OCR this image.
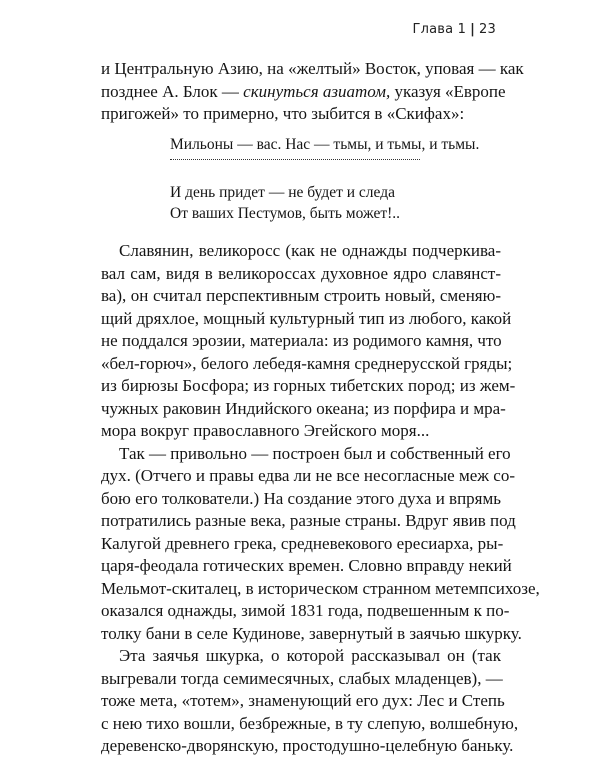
Глава 1 | 23
и Центральную Азию, на «желтый» Восток, уповая — как
позднее А. Блок — скинуться азиатом, указуя «Европе
пригожей» то примерно, что зыбится в «Скифах»:
Мильоны — вас. Нас — тьмы, и тьмы, и тьмы.
И день придет — не будет и следа
От ваших Пестумов, быть может!..
Славянин, великоросс (как не однажды подчеркива-
вал сам, видя в великороссах духовное ядро славянст-
ва), он считал перспективным строить новый, сменяю-
щий дряхлое, мощный культурный тип из любого, какой
не поддался эрозии, материала: из родимого камня, что
«бел-горюч», белого лебедя-камня среднерусской гряды;
из бирюзы Босфора; из горных тибетских пород; из жем-
чужных раковин Индийского океана; из порфира и мра-
мора вокруг православного Эгейского моря...
Так — привольно — построен был и собственный его
дух. (Отчего и правы едва ли не все несогласные меж со-
бою его толкователи.) На создание этого духа и впрямь
потратились разные века, разные страны. Вдруг явив под
Калугой древнего грека, средневекового ересиарха, ры-
царя-феодала готических времен. Словно вправду некий
Мельмот-скиталец, в историческом странном метемпсихозе,
оказался однажды, зимой 1831 года, подвешенным к по-
толку бани в селе Кудинове, завернутый в заячью шкурку.
Эта заячья шкурка, о которой рассказывал он (так
выгревали тогда семимесячных, слабых младенцев), —
тоже мета, «тотем», знаменующий его дух: Лес и Степь
с нею тихо вошли, безбрежные, в ту слепую, волшебную,
деревенско-дворянскую, простодушно-целебную баньку.
